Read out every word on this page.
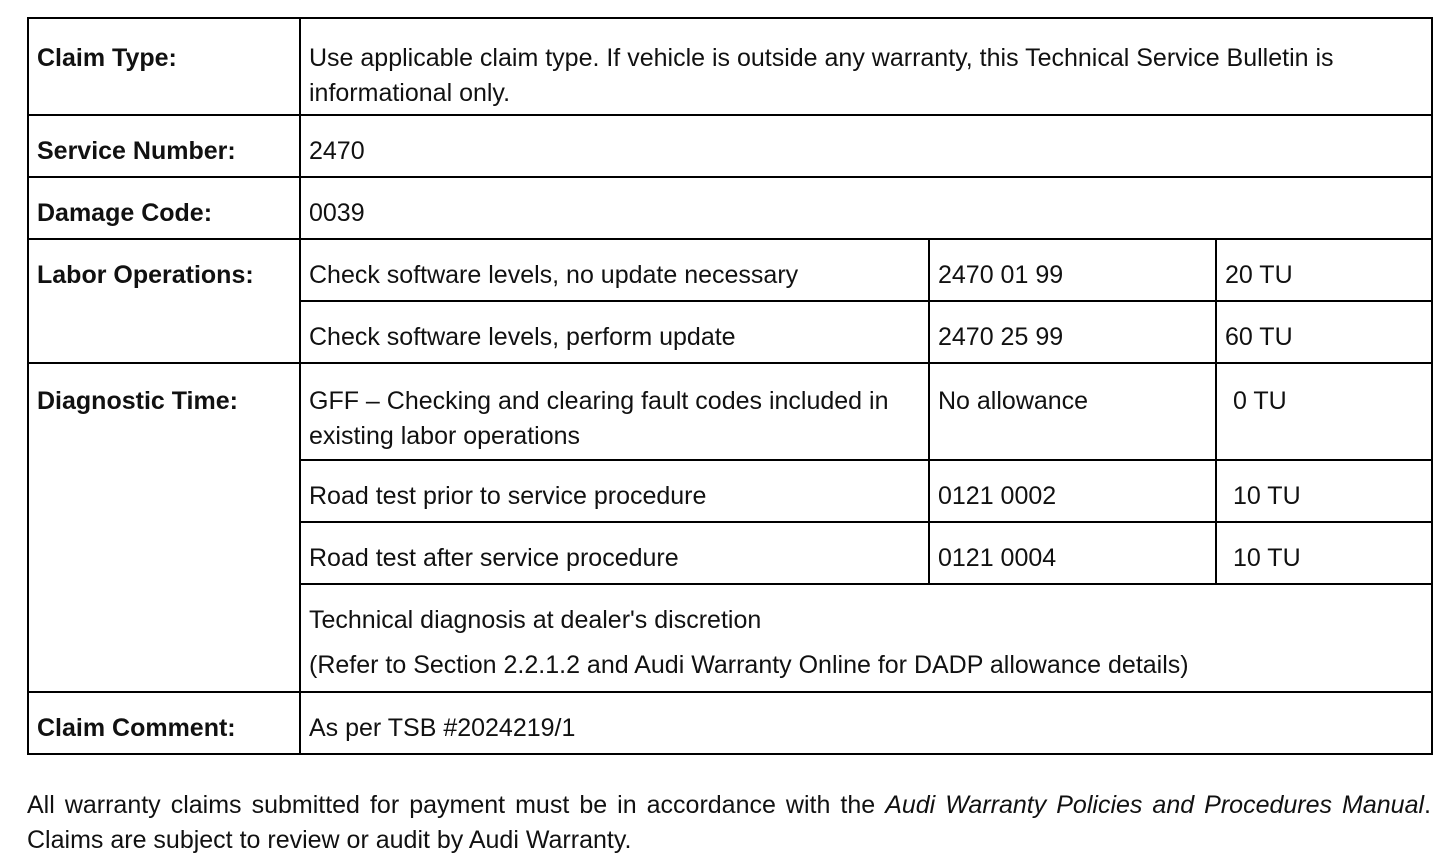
Claim Type:	Use applicable claim type. If vehicle is outside any warranty, this Technical Service Bulletin is informational only.		
Service Number:	2470		
Damage Code:	0039		
Labor Operations:	Check software levels, no update necessary	2470 01 99	20 TU
	Check software levels, perform update	2470 25 99	60 TU
Diagnostic Time:	GFF – Checking and clearing fault codes included in existing labor operations	No allowance	0 TU
	Road test prior to service procedure	0121 0002	10 TU
	Road test after service procedure	0121 0004	10 TU

	Technical diagnosis at dealer's discretion
(Refer to Section 2.2.1.2 and Audi Warranty Online for DADP allowance details)		

Claim Comment:	As per TSB #2024219/1		

All warranty claims submitted for payment must be in accordance with the Audi Warranty Policies and Procedures Manual. Claims are subject to review or audit by Audi Warranty.
